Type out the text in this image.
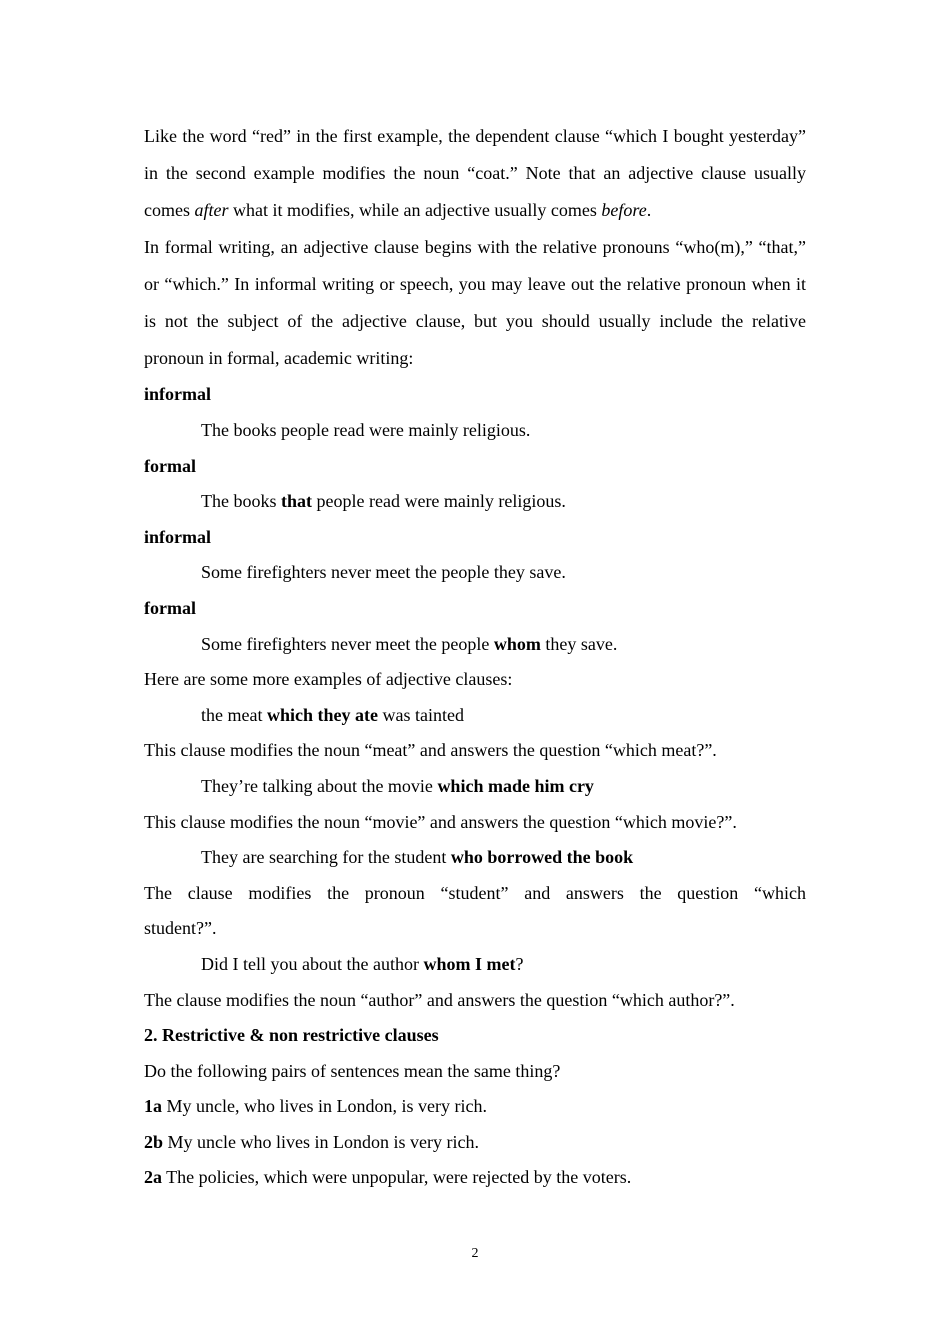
Like the word “red” in the first example, the dependent clause “which I bought yesterday” in the second example modifies the noun “coat.” Note that an adjective clause usually comes after what it modifies, while an adjective usually comes before.

In formal writing, an adjective clause begins with the relative pronouns “who(m),” “that,” or “which.” In informal writing or speech, you may leave out the relative pronoun when it is not the subject of the adjective clause, but you should usually include the relative pronoun in formal, academic writing:

informal

The books people read were mainly religious.

formal

The books that people read were mainly religious.

informal

Some firefighters never meet the people they save.

formal

Some firefighters never meet the people whom they save.

Here are some more examples of adjective clauses:

the meat which they ate was tainted

This clause modifies the noun “meat” and answers the question “which meat?”.

They’re talking about the movie which made him cry

This clause modifies the noun “movie” and answers the question “which movie?”.

They are searching for the student who borrowed the book

The clause modifies the pronoun “student” and answers the question “which

student?”.

Did I tell you about the author whom I met?

The clause modifies the noun “author” and answers the question “which author?”.

2. Restrictive & non restrictive clauses

Do the following pairs of sentences mean the same thing?

1a My uncle, who lives in London, is very rich.

2b My uncle who lives in London is very rich.

2a The policies, which were unpopular, were rejected by the voters.

2
